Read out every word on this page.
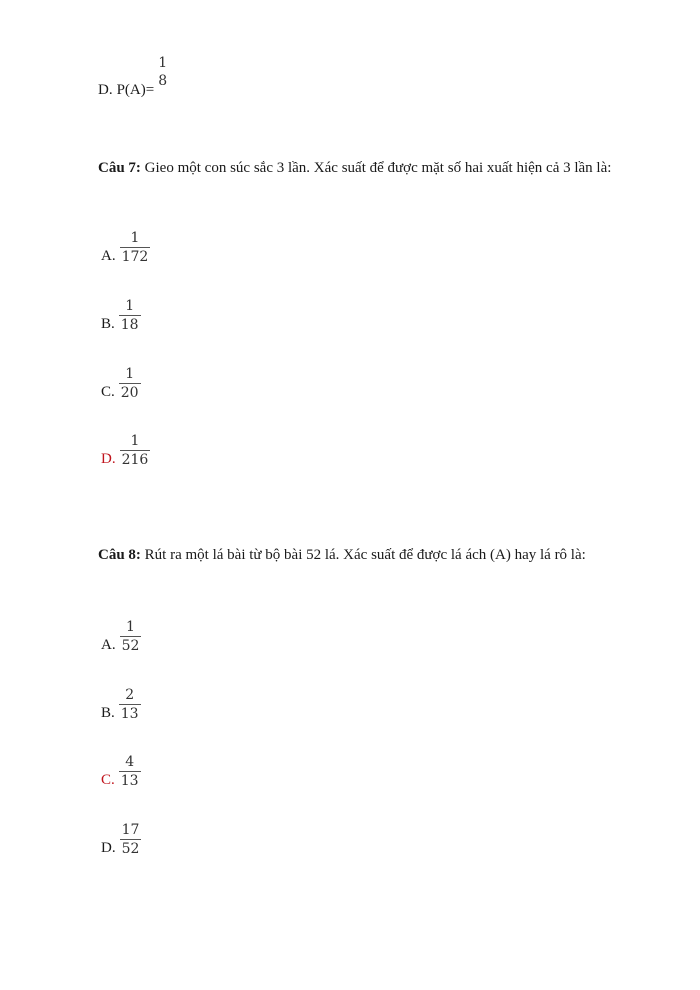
D. P(A)=
1
8
Câu 7: Gieo một con súc sắc 3 lần. Xác suất để được mặt số hai xuất hiện cả 3 lần là:
A. $\frac{1}{172}$
B. $\frac{1}{18}$
C. $\frac{1}{20}$
D. $\frac{1}{216}$
Câu 8: Rút ra một lá bài từ bộ bài 52 lá. Xác suất để được lá ách (A) hay lá rô là:
A. $\frac{1}{52}$
B. $\frac{2}{13}$
C. $\frac{4}{13}$
D. $\frac{17}{52}$
